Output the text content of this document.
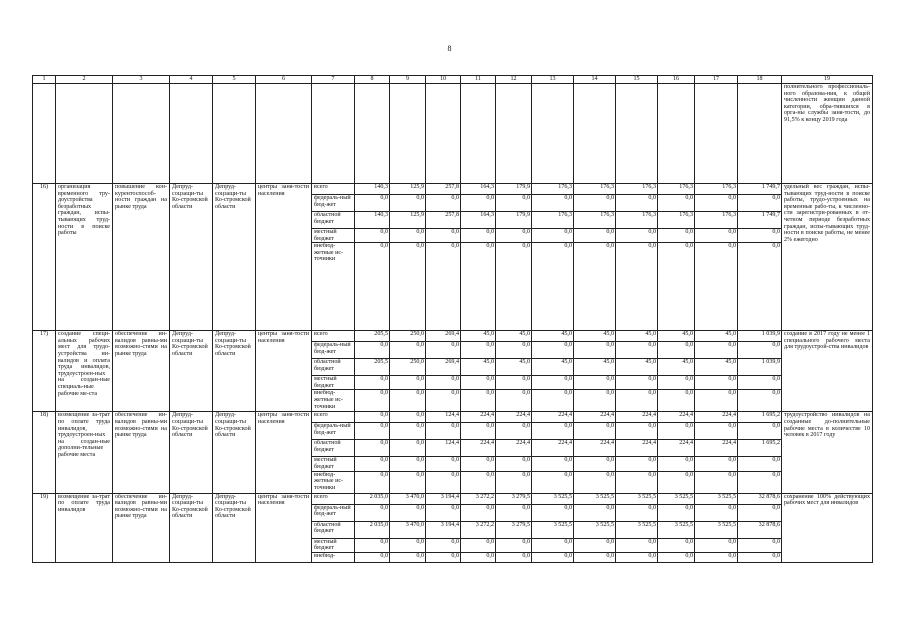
8
1	2	3	4	5	6	7	8	9	10	11	12	13	14	15	16	17	18	19
																		полнительного профессиональ-ного образова-ния, к общей численности женщин данной категории, обра-тившихся в орга-ны службы заня-тости, до 91,5% к концу 2019 года
16)	организация временного тру-доустройства безработных граждан, испы-тывающих труд-ности в поиске работы	повышение кон-курентоспособ-ности граждан на рынке труда	Депруд-соцзащи-ты Ко-стромской области	Депруд-соцзащи-ты Ко-стромской области	центры заня-тости населения	всего	140,3	125,9	257,8	164,3	179,9	176,3	176,3	176,3	176,3	176,3	1 749,7	удельный вес граждан, испы-тывающих труд-ности в поиске работы, трудо-устроенных на временные рабо-ты, к численно-сти зарегистри-рованных в от-четном периоде безработных граждан, испы-тывающих труд-ности в поиске работы, не менее 2% ежегодно
						федераль-ный бюд-жет	0,0	0,0	0,0	0,0	0,0	0,0	0,0	0,0	0,0	0,0	0,0	
						областной бюджет	140,3	125,9	257,8	164,3	179,9	176,3	176,3	176,3	176,3	176,3	1 749,7	
						местный бюджет	0,0	0,0	0,0	0,0	0,0	0,0	0,0	0,0	0,0	0,0	0,0	
						внебюд-жетные ис-точники	0,0	0,0	0,0	0,0	0,0	0,0	0,0	0,0	0,0	0,0	0,0	
17)	создание специ-альных рабочих мест для трудо-устройства ин-валидов и оплата труда инвалидов, трудоустроен-ных на создан-ные специаль-ные рабочие ме-ста	обеспечение ин-валидов равны-ми возможно-стями на рынке труда	Депруд-соцзащи-ты Ко-стромской области	Депруд-соцзащи-ты Ко-стромской области	центры заня-тости населения	всего	205,5	250,0	269,4	45,0	45,0	45,0	45,0	45,0	45,0	45,0	1 039,9	создание в 2017 году не менее 1 специального рабочего места для трудоустрой-ства инвалидов
						федераль-ный бюд-жет	0,0	0,0	0,0	0,0	0,0	0,0	0,0	0,0	0,0	0,0	0,0	
						областной бюджет	205,5	250,0	269,4	45,0	45,0	45,0	45,0	45,0	45,0	45,0	1 039,9	
						местный бюджет	0,0	0,0	0,0	0,0	0,0	0,0	0,0	0,0	0,0	0,0	0,0	
						внебюд-жетные ис-точники	0,0	0,0	0,0	0,0	0,0	0,0	0,0	0,0	0,0	0,0	0,0	
18)	возмещение за-трат по оплате труда инвалидов, трудоустроен-ных на создан-ные дополни-тельные рабочие места	обеспечение ин-валидов равны-ми возможно-стями на рынке труда	Депруд-соцзащи-ты Ко-стромской области	Депруд-соцзащи-ты Ко-стромской области	центры заня-тости населения	всего	0,0	0,0	124,4	224,4	224,4	224,4	224,4	224,4	224,4	224,4	1 695,2	трудоустройство инвалидов на созданные до-полнительные рабочие места в количестве 10 человек в 2017 году
						федераль-ный бюд-жет	0,0	0,0	0,0	0,0	0,0	0,0	0,0	0,0	0,0	0,0	0,0	
						областной бюджет	0,0	0,0	124,4	224,4	224,4	224,4	224,4	224,4	224,4	224,4	1 695,2	
						местный бюджет	0,0	0,0	0,0	0,0	0,0	0,0	0,0	0,0	0,0	0,0	0,0	
						внебюд-жетные ис-точники	0,0	0,0	0,0	0,0	0,0	0,0	0,0	0,0	0,0	0,0	0,0	
19)	возмещение за-трат по оплате труда инвалидов	обеспечение ин-валидов равны-ми возможно-стями на рынке труда	Депруд-соцзащи-ты Ко-стромской области	Депруд-соцзащи-ты Ко-стромской области	центры заня-тости населения	всего	2 035,0	3 470,0	3 194,4	3 272,2	3 279,5	3 525,5	3 525,5	3 525,5	3 525,5	3 525,5	32 878,6	сохранение 100% действующих рабочих мест для инвалидов
						федераль-ный бюд-жет	0,0	0,0	0,0	0,0	0,0	0,0	0,0	0,0	0,0	0,0	0,0	
						областной бюджет	2 035,0	3 470,0	3 194,4	3 272,2	3 279,5	3 525,5	3 525,5	3 525,5	3 525,5	3 525,5	32 878,6	
						местный бюджет	0,0	0,0	0,0	0,0	0,0	0,0	0,0	0,0	0,0	0,0	0,0	
						внебюд-	0,0	0,0	0,0	0,0	0,0	0,0	0,0	0,0	0,0	0,0	0,0	
